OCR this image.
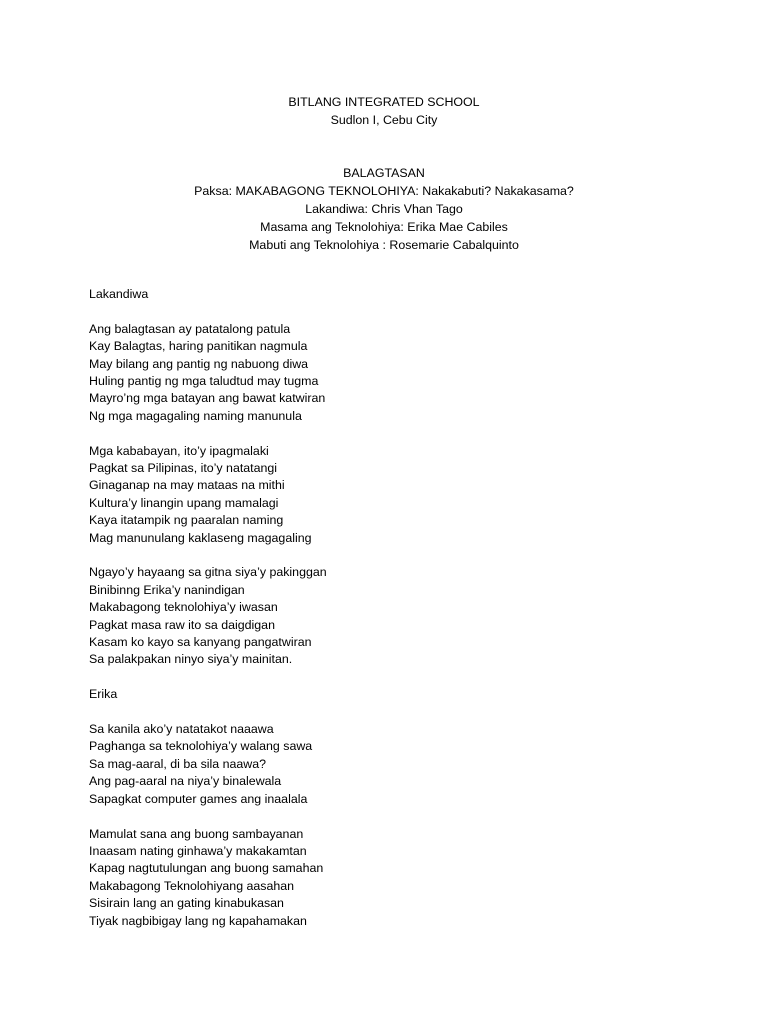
BITLANG INTEGRATED SCHOOL
Sudlon I, Cebu City
BALAGTASAN
Paksa: MAKABAGONG TEKNOLOHIYA: Nakakabuti? Nakakasama?
Lakandiwa: Chris Vhan Tago
Masama ang Teknolohiya: Erika Mae Cabiles
Mabuti ang Teknolohiya : Rosemarie Cabalquinto
Lakandiwa
Ang balagtasan ay patatalong patula
Kay Balagtas, haring panitikan nagmula
May bilang ang pantig ng nabuong diwa
Huling pantig ng mga taludtud may tugma
Mayro’ng mga batayan ang bawat katwiran
Ng mga magagaling naming manunula
Mga kababayan, ito’y ipagmalaki
Pagkat sa Pilipinas, ito’y natatangi
Ginaganap na may mataas na mithi
Kultura’y linangin upang mamalagi
Kaya itatampik ng paaralan naming
Mag manunulang kaklaseng magagaling
Ngayo’y hayaang sa gitna siya’y pakinggan
Binibinng Erika’y nanindigan
Makabagong teknolohiya’y iwasan
Pagkat masa raw ito sa daigdigan
Kasam ko kayo sa kanyang pangatwiran
Sa palakpakan ninyo siya’y mainitan.
Erika
Sa kanila ako’y natatakot naaawa
Paghanga sa teknolohiya’y walang sawa
Sa mag-aaral, di ba sila naawa?
Ang pag-aaral na niya’y binalewala
Sapagkat computer games ang inaalala
Mamulat sana ang buong sambayanan
Inaasam nating ginhawa’y makakamtan
Kapag nagtutulungan ang buong samahan
Makabagong Teknolohiyang aasahan
Sisirain lang an gating kinabukasan
Tiyak nagbibigay lang ng kapahamakan
